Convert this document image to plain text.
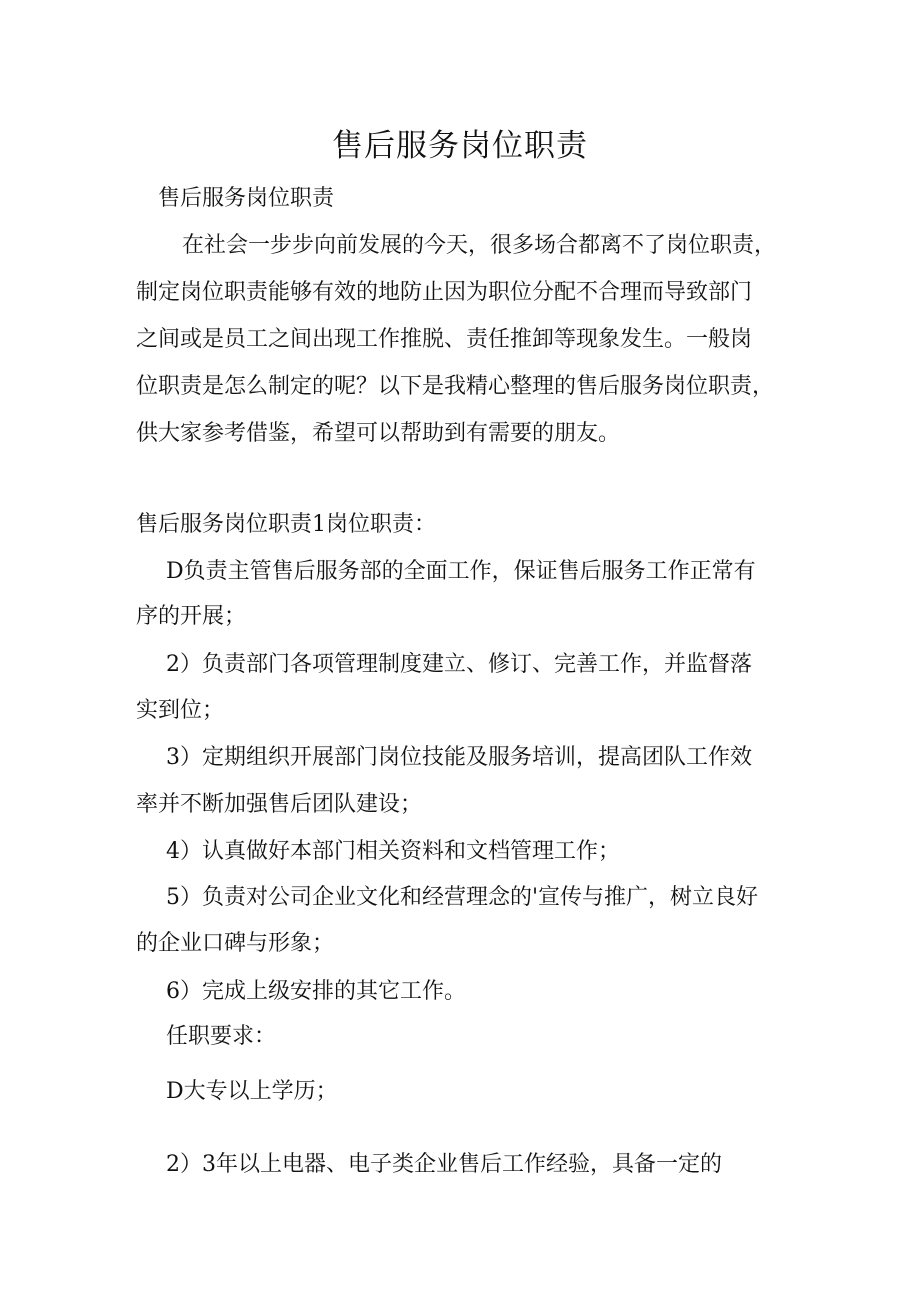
售后服务岗位职责

售后服务岗位职责

在社会一步步向前发展的今天，很多场合都离不了岗位职责，

制定岗位职责能够有效的地防止因为职位分配不合理而导致部门

之间或是员工之间出现工作推脱、责任推卸等现象发生。一般岗

位职责是怎么制定的呢？以下是我精心整理的售后服务岗位职责，

供大家参考借鉴，希望可以帮助到有需要的朋友。

售后服务岗位职责1岗位职责：

D负责主管售后服务部的全面工作，保证售后服务工作正常有

序的开展；

2）负责部门各项管理制度建立、修订、完善工作，并监督落

实到位；

3）定期组织开展部门岗位技能及服务培训，提高团队工作效

率并不断加强售后团队建设；

4）认真做好本部门相关资料和文档管理工作；

5）负责对公司企业文化和经营理念的'宣传与推广，树立良好

的企业口碑与形象；

6）完成上级安排的其它工作。

任职要求：

D大专以上学历；

2）3年以上电器、电子类企业售后工作经验，具备一定的
